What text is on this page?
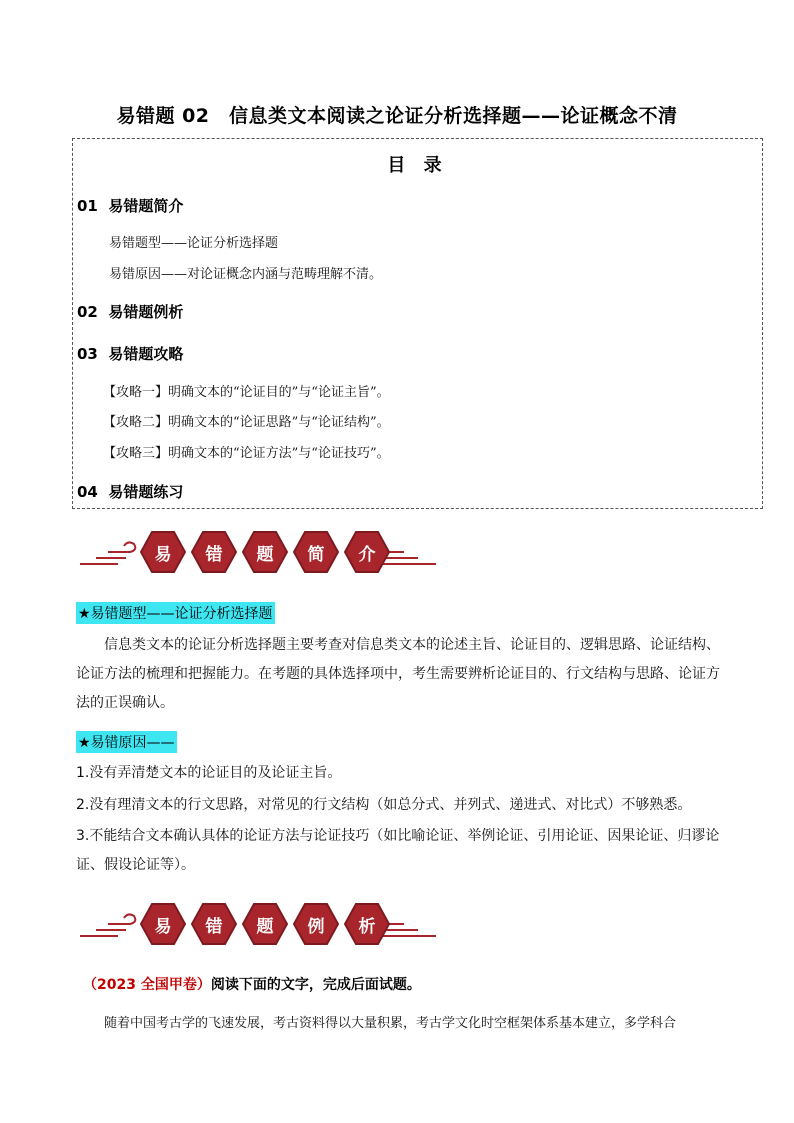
易错题 02　信息类文本阅读之论证分析选择题——论证概念不清
目 录
01 易错题简介
易错题型——论证分析选择题
易错原因——对论证概念内涵与范畴理解不清。
02 易错题例析
03 易错题攻略
【攻略一】明确文本的“论证目的”与“论证主旨”。
【攻略二】明确文本的“论证思路”与“论证结构”。
【攻略三】明确文本的“论证方法”与“论证技巧”。
04 易错题练习
易 错 题 简 介
★易错题型——论证分析选择题
信息类文本的论证分析选择题主要考查对信息类文本的论述主旨、论证目的、逻辑思路、论证结构、论证方法的梳理和把握能力。在考题的具体选择项中，考生需要辨析论证目的、行文结构与思路、论证方法的正误确认。
★易错原因——
1.没有弄清楚文本的论证目的及论证主旨。
2.没有理清文本的行文思路，对常见的行文结构（如总分式、并列式、递进式、对比式）不够熟悉。
3.不能结合文本确认具体的论证方法与论证技巧（如比喻论证、举例论证、引用论证、因果论证、归谬论证、假设论证等）。
易 错 题 例 析
（2023 全国甲卷）阅读下面的文字，完成后面试题。
随着中国考古学的飞速发展，考古资料得以大量积累，考古学文化时空框架体系基本建立，多学科合
